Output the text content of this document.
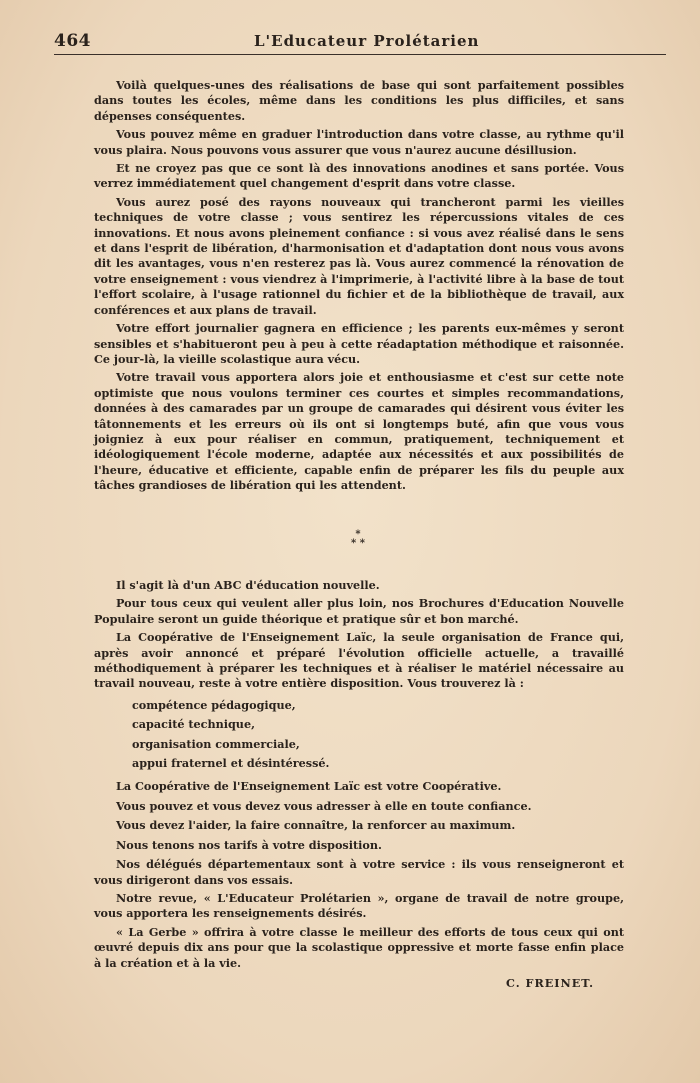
464	L'Educateur Prolétarien

Voilà quelques-unes des réalisations de base qui sont parfaitement possibles dans toutes les écoles, même dans les conditions les plus difficiles, et sans dépenses conséquentes.

Vous pouvez même en graduer l'introduction dans votre classe, au rythme qu'il vous plaira. Nous pouvons vous assurer que vous n'aurez aucune désillusion.

Et ne croyez pas que ce sont là des innovations anodines et sans portée. Vous verrez immédiatement quel changement d'esprit dans votre classe.

Vous aurez posé des rayons nouveaux qui trancheront parmi les vieilles techniques de votre classe ; vous sentirez les répercussions vitales de ces innovations. Et nous avons pleinement confiance : si vous avez réalisé dans le sens et dans l'esprit de libération, d'harmonisation et d'adaptation dont nous vous avons dit les avantages, vous n'en resterez pas là. Vous aurez commencé la rénovation de votre enseignement : vous viendrez à l'imprimerie, à l'activité libre à la base de tout l'effort scolaire, à l'usage rationnel du fichier et de la bibliothèque de travail, aux conférences et aux plans de travail.

Votre effort journalier gagnera en efficience ; les parents eux-mêmes y seront sensibles et s'habitueront peu à peu à cette réadaptation méthodique et raisonnée. Ce jour-là, la vieille scolastique aura vécu.

Votre travail vous apportera alors joie et enthousiasme et c'est sur cette note optimiste que nous voulons terminer ces courtes et simples recommandations, données à des camarades par un groupe de camarades qui désirent vous éviter les tâtonnements et les erreurs où ils ont si longtemps buté, afin que vous vous joigniez à eux pour réaliser en commun, pratiquement, techniquement et idéologiquement l'école moderne, adaptée aux nécessités et aux possibilités de l'heure, éducative et efficiente, capable enfin de préparer les fils du peuple aux tâches grandioses de libération qui les attendent.

*
* *

Il s'agit là d'un ABC d'éducation nouvelle.

Pour tous ceux qui veulent aller plus loin, nos Brochures d'Education Nouvelle Populaire seront un guide théorique et pratique sûr et bon marché.

La Coopérative de l'Enseignement Laïc, la seule organisation de France qui, après avoir annoncé et préparé l'évolution officielle actuelle, a travaillé méthodiquement à préparer les techniques et à réaliser le matériel nécessaire au travail nouveau, reste à votre entière disposition. Vous trouverez là :

compétence pédagogique,
capacité technique,
organisation commerciale,
appui fraternel et désintéressé.

La Coopérative de l'Enseignement Laïc est votre Coopérative.

Vous pouvez et vous devez vous adresser à elle en toute confiance.

Vous devez l'aider, la faire connaître, la renforcer au maximum.

Nous tenons nos tarifs à votre disposition.

Nos délégués départementaux sont à votre service : ils vous renseigneront et vous dirigeront dans vos essais.

Notre revue, « L'Educateur Prolétarien », organe de travail de notre groupe, vous apportera les renseignements désirés.

« La Gerbe » offrira à votre classe le meilleur des efforts de tous ceux qui ont œuvré depuis dix ans pour que la scolastique oppressive et morte fasse enfin place à la création et à la vie.

C. FREINET.
